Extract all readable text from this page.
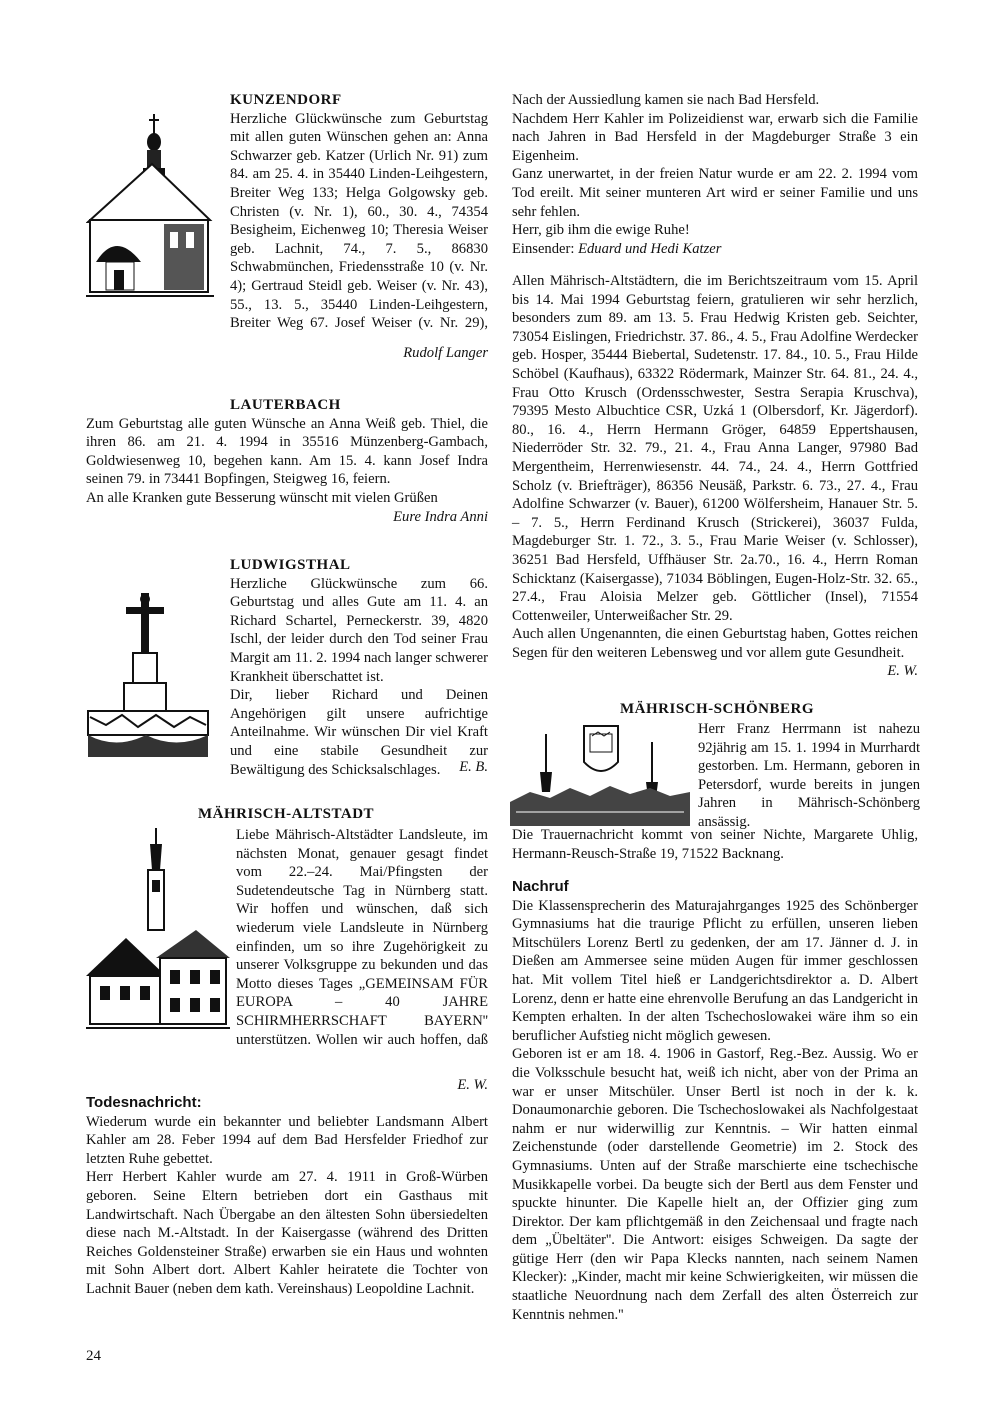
KUNZENDORF

Herzliche Glückwünsche zum Geburtstag mit allen guten Wünschen gehen an: Anna Schwarzer geb. Katzer (Urlich Nr. 91) zum 84. am 25. 4. in 35440 Linden-Leihgestern, Breiter Weg 133; Helga Golgowsky geb. Christen (v. Nr. 1), 60., 30. 4., 74354 Besigheim, Eichenweg 10; Theresia Weiser geb. Lachnit, 74., 7. 5., 86830 Schwabmünchen, Friedensstraße 10 (v. Nr. 4); Gertraud Steidl geb. Weiser (v. Nr. 43), 55., 13. 5., 35440 Linden-Leihgestern, Breiter Weg 67. Josef Weiser (v. Nr. 29),

Rudolf Langer

LAUTERBACH

Zum Geburtstag alle guten Wünsche an Anna Weiß geb. Thiel, die ihren 86. am 21. 4. 1994 in 35516 Münzenberg-Gambach, Goldwiesenweg 10, begehen kann. Am 15. 4. kann Josef Indra seinen 79. in 73441 Bopfingen, Steigweg 16, feiern.

An alle Kranken gute Besserung wünscht mit vielen Grüßen

Eure Indra Anni

LUDWIGSTHAL

Herzliche Glückwünsche zum 66. Geburtstag und alles Gute am 11. 4. an Richard Schartel, Perneckerstr. 39, 4820 Ischl, der leider durch den Tod seiner Frau Margit am 11. 2. 1994 nach langer schwerer Krankheit überschattet ist.

Dir, lieber Richard und Deinen Angehörigen gilt unsere aufrichtige Anteilnahme. Wir wünschen Dir viel Kraft und eine stabile Gesundheit zur Bewältigung des Schicksalschlages.	E. B.

MÄHRISCH-ALTSTADT

Liebe Mährisch-Altstädter Landsleute, im nächsten Monat, genauer gesagt findet vom 22.–24. Mai/Pfingsten der Sudetendeutsche Tag in Nürnberg statt. Wir hoffen und wünschen, daß sich wiederum viele Landsleute in Nürnberg einfinden, um so ihre Zugehörigkeit zu unserer Volksgruppe zu bekunden und das Motto dieses Tages „GEMEINSAM FÜR EUROPA – 40 JAHRE SCHIRMHERRSCHAFT BAYERN'' unterstützen. Wollen wir auch hoffen, daß

E. W.

Todesnachricht:

Wiederum wurde ein bekannter und beliebter Landsmann Albert Kahler am 28. Feber 1994 auf dem Bad Hersfelder Friedhof zur letzten Ruhe gebettet.

Herr Herbert Kahler wurde am 27. 4. 1911 in Groß-Würben geboren. Seine Eltern betrieben dort ein Gasthaus mit Landwirtschaft. Nach Übergabe an den ältesten Sohn übersiedelten diese nach M.-Altstadt. In der Kaisergasse (während des Dritten Reiches Goldensteiner Straße) erwarben sie ein Haus und wohnten mit Sohn Albert dort. Albert Kahler heiratete die Tochter von Lachnit Bauer (neben dem kath. Vereinshaus) Leopoldine Lachnit.

Nach der Aussiedlung kamen sie nach Bad Hersfeld.

Nachdem Herr Kahler im Polizeidienst war, erwarb sich die Familie nach Jahren in Bad Hersfeld in der Magdeburger Straße 3 ein Eigenheim.

Ganz unerwartet, in der freien Natur wurde er am 22. 2. 1994 vom Tod ereilt. Mit seiner munteren Art wird er seiner Familie und uns sehr fehlen.

Herr, gib ihm die ewige Ruhe!

Einsender: Eduard und Hedi Katzer

Allen Mährisch-Altstädtern, die im Berichtszeitraum vom 15. April bis 14. Mai 1994 Geburtstag feiern, gratulieren wir sehr herzlich, besonders zum 89. am 13. 5. Frau Hedwig Kristen geb. Seichter, 73054 Eislingen, Friedrichstr. 37. 86., 4. 5., Frau Adolfine Werdecker geb. Hosper, 35444 Biebertal, Sudetenstr. 17. 84., 10. 5., Frau Hilde Schöbel (Kaufhaus), 63322 Rödermark, Mainzer Str. 64. 81., 24. 4., Frau Otto Krusch (Ordensschwester, Sestra Serapia Kruschva), 79395 Mesto Albuchtice CSR, Uzká 1 (Olbersdorf, Kr. Jägerdorf). 80., 16. 4., Herrn Hermann Gröger, 64859 Eppertshausen, Niederröder Str. 32. 79., 21. 4., Frau Anna Langer, 97980 Bad Mergentheim, Herrenwiesenstr. 44. 74., 24. 4., Herrn Gottfried Scholz (v. Briefträger), 86356 Neusäß, Parkstr. 6. 73., 27. 4., Frau Adolfine Schwarzer (v. Bauer), 61200 Wölfersheim, Hanauer Str. 5. – 7. 5., Herrn Ferdinand Krusch (Strickerei), 36037 Fulda, Magdeburger Str. 1. 72., 3. 5., Frau Marie Weiser (v. Schlosser), 36251 Bad Hersfeld, Uffhäuser Str. 2a.70., 16. 4., Herrn Roman Schicktanz (Kaisergasse), 71034 Böblingen, Eugen-Holz-Str. 32. 65., 27.4., Frau Aloisia Melzer geb. Göttlicher (Insel), 71554 Cottenweiler, Unterweißacher Str. 29.

Auch allen Ungenannten, die einen Geburtstag haben, Gottes reichen Segen für den weiteren Lebensweg und vor allem gute Gesundheit.

E. W.

MÄHRISCH-SCHÖNBERG

Herr Franz Herrmann ist nahezu 92jährig am 15. 1. 1994 in Murrhardt gestorben. Lm. Hermann, geboren in Petersdorf, wurde bereits in jungen Jahren in Mährisch-Schönberg ansässig.

Die Trauernachricht kommt von seiner Nichte, Margarete Uhlig, Hermann-Reusch-Straße 19, 71522 Backnang.

Nachruf

Die Klassensprecherin des Maturajahrganges 1925 des Schönberger Gymnasiums hat die traurige Pflicht zu erfüllen, unseren lieben Mitschülers Lorenz Bertl zu gedenken, der am 17. Jänner d. J. in Dießen am Ammersee seine müden Augen für immer geschlossen hat. Mit vollem Titel hieß er Landgerichtsdirektor a. D. Albert Lorenz, denn er hatte eine ehrenvolle Berufung an das Landgericht in Kempten erhalten. In der alten Tschechoslowakei wäre ihm so ein beruflicher Aufstieg nicht möglich gewesen.

Geboren ist er am 18. 4. 1906 in Gastorf, Reg.-Bez. Aussig. Wo er die Volksschule besucht hat, weiß ich nicht, aber von der Prima an war er unser Mitschüler. Unser Bertl ist noch in der k. k. Donaumonarchie geboren. Die Tschechoslowakei als Nachfolgestaat nahm er nur widerwillig zur Kenntnis. – Wir hatten einmal Zeichenstunde (oder darstellende Geometrie) im 2. Stock des Gymnasiums. Unten auf der Straße marschierte eine tschechische Musikkapelle vorbei. Da beugte sich der Bertl aus dem Fenster und spuckte hinunter. Die Kapelle hielt an, der Offizier ging zum Direktor. Der kam pflichtgemäß in den Zeichensaal und fragte nach dem „Übeltäter''. Die Antwort: eisiges Schweigen. Da sagte der gütige Herr (den wir Papa Klecks nannten, nach seinem Namen Klecker): „Kinder, macht mir keine Schwierigkeiten, wir müssen die staatliche Neuordnung nach dem Zerfall des alten Österreich zur Kenntnis nehmen.''

24
